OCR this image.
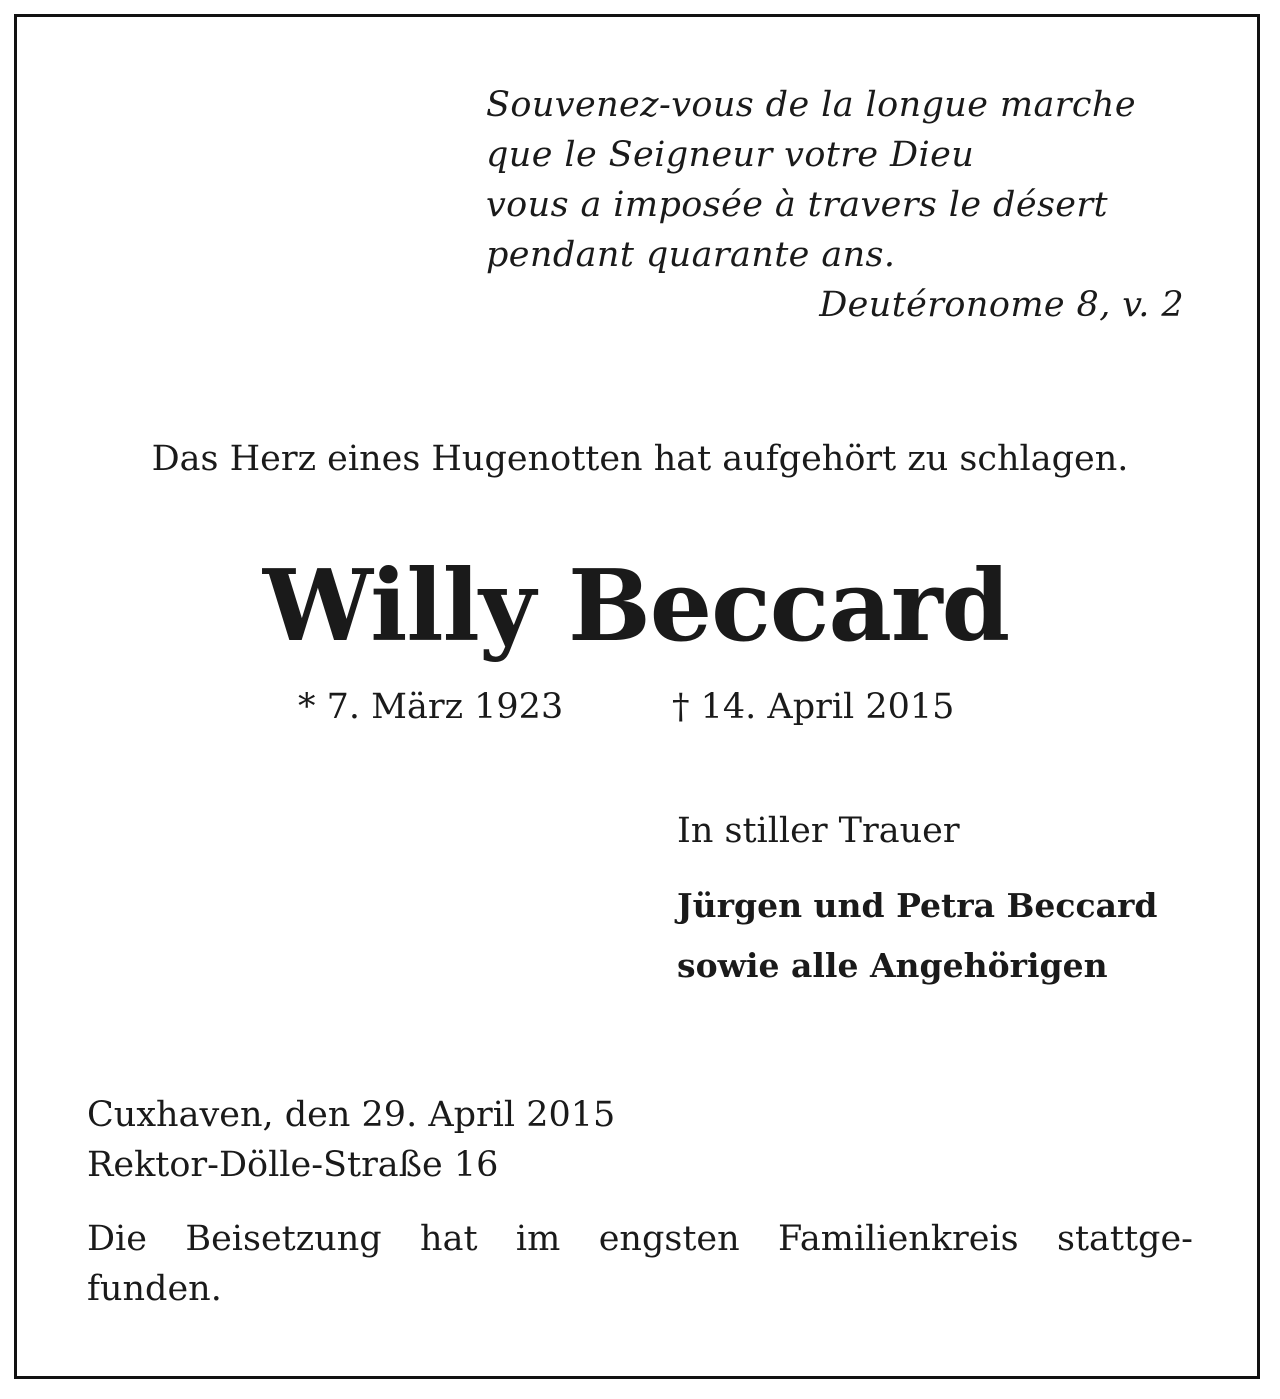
Souvenez-vous de la longue marche
que le Seigneur votre Dieu
vous a imposée à travers le désert
pendant quarante ans.
Deutéronome 8, v. 2
Das Herz eines Hugenotten hat aufgehört zu schlagen.
Willy Beccard
* 7. März 1923	† 14. April 2015
In stiller Trauer
Jürgen und Petra Beccard
sowie alle Angehörigen
Cuxhaven, den 29. April 2015
Rektor-Dölle-Straße 16
Die Beisetzung hat im engsten Familienkreis stattge-
funden.
